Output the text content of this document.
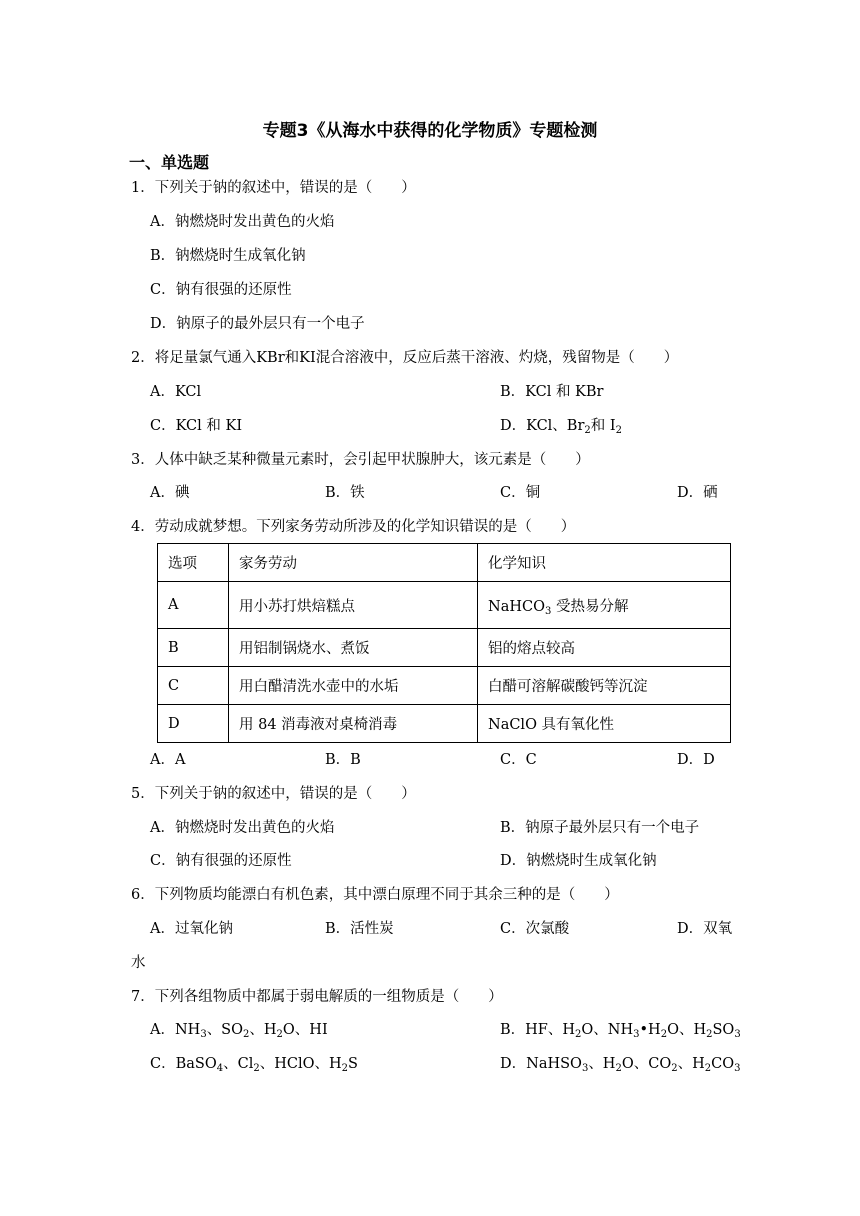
专题3《从海水中获得的化学物质》专题检测
一、单选题
1．下列关于钠的叙述中，错误的是（　　）
A．钠燃烧时发出黄色的火焰
B．钠燃烧时生成氧化钠
C．钠有很强的还原性
D．钠原子的最外层只有一个电子
2．将足量氯气通入KBr和KI混合溶液中，反应后蒸干溶液、灼烧，残留物是（　　）
A．KCl	B．KCl 和 KBr
C．KCl 和 KI	D．KCl、$Br_2$和 $I_2$
3．人体中缺乏某种微量元素时，会引起甲状腺肿大，该元素是（　　）
A．碘	B．铁	C．铜	D．硒
4．劳动成就梦想。下列家务劳动所涉及的化学知识错误的是（　　）
选项	家务劳动	化学知识
A	用小苏打烘焙糕点	NaHCO$_3$ 受热易分解
B	用铝制锅烧水、煮饭	铝的熔点较高
C	用白醋清洗水壶中的水垢	白醋可溶解碳酸钙等沉淀
D	用 84 消毒液对桌椅消毒	NaClO 具有氧化性
A．A	B．B	C．C	D．D
5．下列关于钠的叙述中，错误的是（　　）
A．钠燃烧时发出黄色的火焰	B．钠原子最外层只有一个电子
C．钠有很强的还原性	D．钠燃烧时生成氧化钠
6．下列物质均能漂白有机色素，其中漂白原理不同于其余三种的是（　　）
A．过氧化钠	B．活性炭	C．次氯酸	D．双氧
水
7．下列各组物质中都属于弱电解质的一组物质是（　　）
A．$NH_3$、$SO_2$、$H_2O$、HI	B．HF、$H_2O$、$NH_3•H_2O$、$H_2SO_3$
C．BaSO$_4$、$Cl_2$、HClO、$H_2S$	D．NaHSO$_3$、$H_2O$、$CO_2$、$H_2CO_3$
